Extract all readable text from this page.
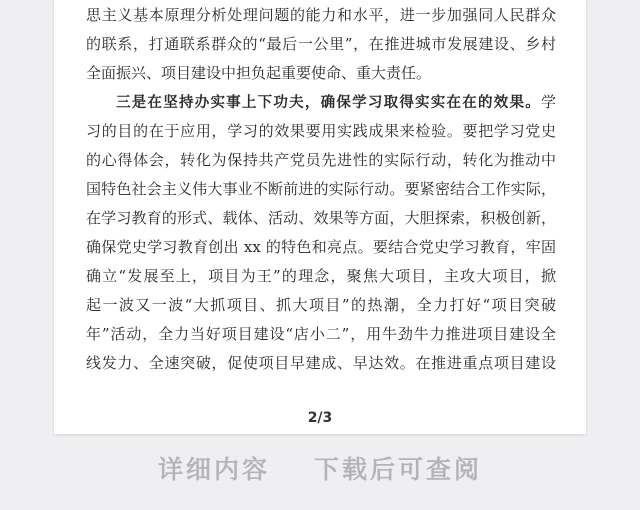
思主义基本原理分析处理问题的能力和水平，进一步加强同人民群众
的联系，打通联系群众的“最后一公里”，在推进城市发展建设、乡村
全面振兴、项目建设中担负起重要使命、重大责任。
三是在坚持办实事上下功夫，确保学习取得实实在在的效果。学
习的目的在于应用，学习的效果要用实践成果来检验。要把学习党史
的心得体会，转化为保持共产党员先进性的实际行动，转化为推动中
国特色社会主义伟大事业不断前进的实际行动。要紧密结合工作实际，
在学习教育的形式、载体、活动、效果等方面，大胆探索，积极创新，
确保党史学习教育创出 xx 的特色和亮点。要结合党史学习教育，牢固
确立“发展至上，项目为王”的理念，聚焦大项目，主攻大项目，掀
起一波又一波“大抓项目、抓大项目”的热潮，全力打好“项目突破
年”活动，全力当好项目建设“店小二”，用牛劲牛力推进项目建设全
线发力、全速突破，促使项目早建成、早达效。在推进重点项目建设
2/3
详细内容 下载后可查阅
